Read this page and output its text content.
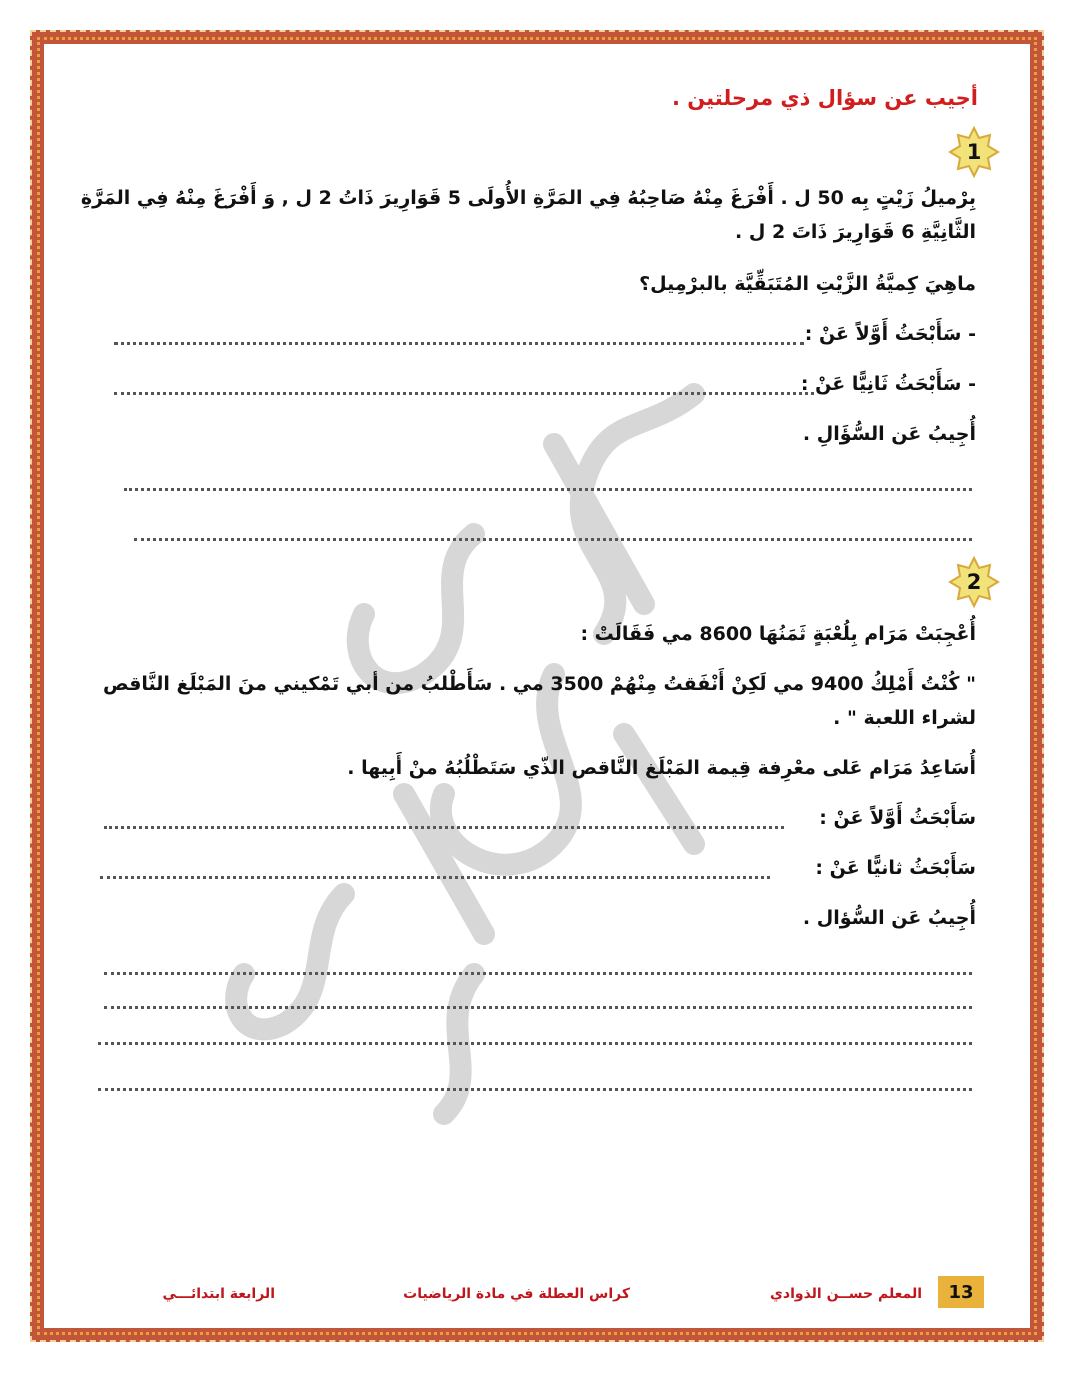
أجيب عن سؤال ذي مرحلتين .
1
بِرْميلُ زَيْتٍ بِه 50 ل . أَفْرَغَ مِنْهُ صَاحِبُهُ فِي المَرَّةِ الأُولَى 5 قَوَارِيرَ ذَاتُ 2 ل , وَ أَفْرَغَ مِنْهُ فِي المَرَّةِ
الثَّانِيَّةِ 6 قَوَارِيرَ ذَاتَ 2 ل .
ماهِيَ كِميَّةُ الزَّيْتِ المُتَبَقِّيَّة بالبرْمِيل؟
- سَأَبْحَثُ أَوَّلاً عَنْ :
- سَأَبْحَثُ ثَانِيًّا عَنْ :
أُجِيبُ عَن السُّؤَالِ .
2
أُعْجِبَتْ مَرَام بِلُعْبَةٍ ثَمَنُهَا 8600 مي فَقَالَتْ :
" كُنْتُ أَمْلِكُ 9400 مي لَكِنْ أَنْفَقتُ مِنْهُمْ 3500 مي . سَأَطْلبُ من أبي تَمْكيني منَ المَبْلَغ النَّاقص
لشراء اللعبة " .
أُسَاعِدُ مَرَام عَلى معْرِفة قِيمة المَبْلَغ النَّاقص الذّي سَتَطْلُبُهُ منْ أَبِيها .
سَأَبْحَثُ أَوَّلاً عَنْ :
سَأَبْحَثُ ثانيًّا عَنْ :
أُجِيبُ عَن السُّؤال .
13
المعلم حســن الذوادي
كراس العطلة في مادة الرياضيات
الرابعة ابتدائـــي
